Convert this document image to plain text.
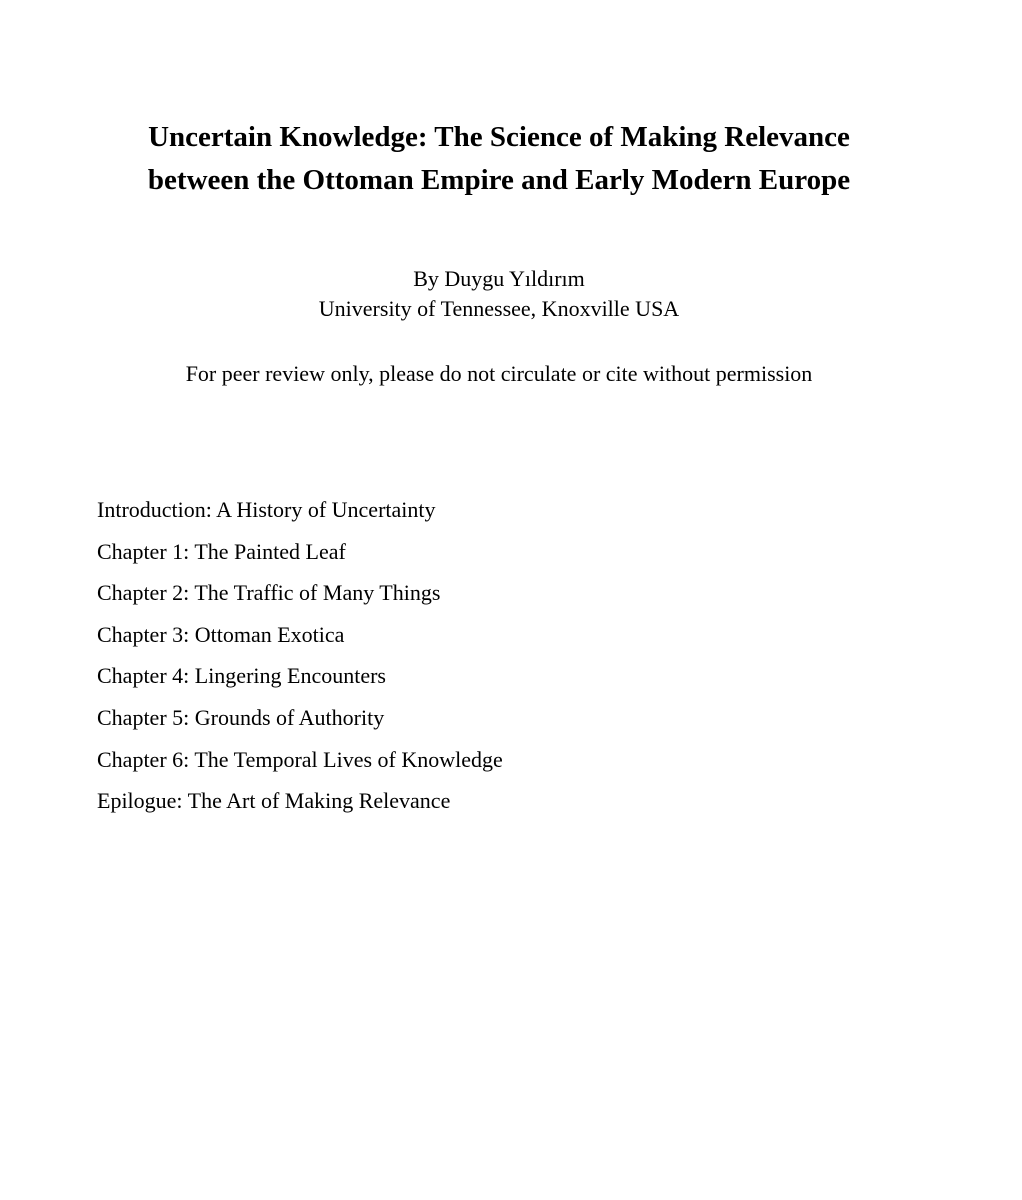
Uncertain Knowledge: The Science of Making Relevance
between the Ottoman Empire and Early Modern Europe
By Duygu Yıldırım
University of Tennessee, Knoxville USA
For peer review only, please do not circulate or cite without permission
Introduction: A History of Uncertainty
Chapter 1: The Painted Leaf
Chapter 2: The Traffic of Many Things
Chapter 3: Ottoman Exotica
Chapter 4: Lingering Encounters
Chapter 5: Grounds of Authority
Chapter 6: The Temporal Lives of Knowledge
Epilogue: The Art of Making Relevance
